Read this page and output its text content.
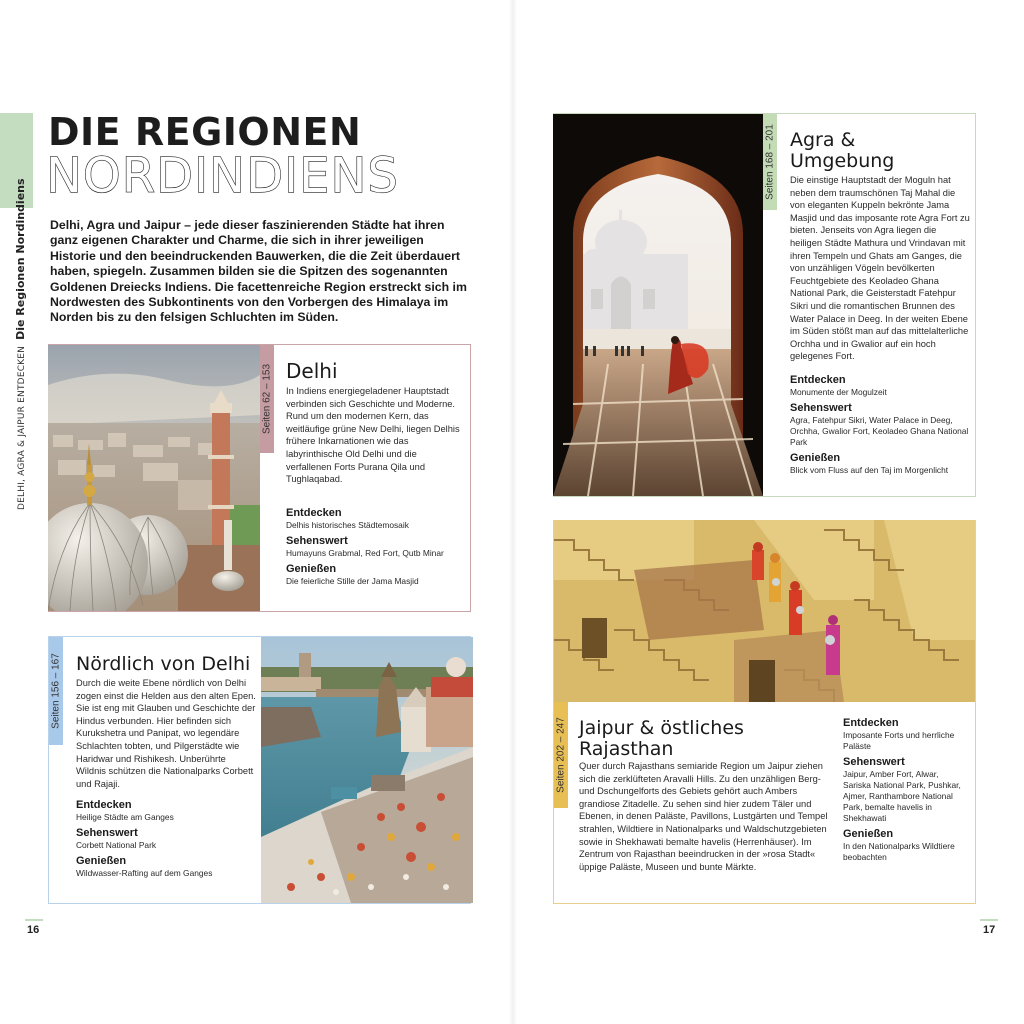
DELHI, AGRA & JAIPUR ENTDECKENDie Regionen Nordindiens
DIE REGIONEN
NORDINDIENS

Delhi, Agra und Jaipur – jede dieser faszinierenden Städte hat ihren ganz eigenen Charakter und Charme, die sich in ihrer jeweiligen Historie und den beeindruckenden Bauwerken, die die Zeit überdauert haben, spiegeln. Zusammen bilden sie die Spitzen des sogenannten Goldenen Dreiecks Indiens. Die facettenreiche Region erstreckt sich im Nordwesten des Subkontinents von den Vorbergen des Himalaya im Norden bis zu den felsigen Schluchten im Süden.

Seiten 62 – 153 Delhi

In Indiens energiegeladener Hauptstadt verbinden sich Geschichte und Moderne. Rund um den modernen Kern, das weitläufige grüne New Delhi, liegen Delhis frühere Inkarnationen wie das labyrinthische Old Delhi und die verfallenen Forts Purana Qila und Tughlaqabad.

Entdecken
Delhis historisches Städtemosaik
Sehenswert
Humayuns Grabmal, Red Fort, Qutb Minar
Genießen
Die feierliche Stille der Jama Masjid
Seiten 156 – 167 Nördlich von Delhi

Durch die weite Ebene nördlich von Delhi zogen einst die Helden aus den alten Epen. Sie ist eng mit Glauben und Geschichte der Hindus verbunden. Hier befinden sich Kurukshetra und Panipat, wo legendäre Schlachten tobten, und Pilgerstädte wie Haridwar und Rishikesh. Unberührte Wildnis schützen die Nationalparks Corbett und Rajaji.

Entdecken
Heilige Städte am Ganges
Sehenswert
Corbett National Park
Genießen
Wildwasser-Rafting auf dem Ganges
16
Seiten 168 – 201 Agra & Umgebung

Die einstige Hauptstadt der Moguln hat neben dem traumschönen Taj Mahal die von eleganten Kuppeln bekrönte Jama Masjid und das imposante rote Agra Fort zu bieten. Jenseits von Agra liegen die heiligen Städte Mathura und Vrindavan mit ihren Tempeln und Ghats am Ganges, die von unzähligen Vögeln bevölkerten Feuchtgebiete des Keoladeo Ghana National Park, die Geisterstadt Fatehpur Sikri und die romantischen Brunnen des Water Palace in Deeg. In der weiten Ebene im Süden stößt man auf das mittelalterliche Orchha und in Gwalior auf ein hoch gelegenes Fort.

Entdecken
Monumente der Mogulzeit
Sehenswert
Agra, Fatehpur Sikri, Water Palace in Deeg, Orchha, Gwalior Fort, Keoladeo Ghana National Park
Genießen
Blick vom Fluss auf den Taj im Morgenlicht
Seiten 202 – 247 Jaipur & östliches Rajasthan

Quer durch Rajasthans semiaride Region um Jaipur ziehen sich die zerklüfteten Aravalli Hills. Zu den unzähligen Berg- und Dschungelforts des Gebiets gehört auch Ambers grandiose Zitadelle. Zu sehen sind hier zudem Täler und Ebenen, in denen Paläste, Pavillons, Lustgärten und Tempel strahlen, Wildtiere in Nationalparks und Waldschutzgebieten sowie in Shekhawati bemalte havelis (Herrenhäuser). Im Zentrum von Rajasthan beeindrucken in der »rosa Stadt« üppige Paläste, Museen und bunte Märkte.

Entdecken
Imposante Forts und herrliche Paläste
Sehenswert
Jaipur, Amber Fort, Alwar, Sariska National Park, Pushkar, Ajmer, Ranthambore National Park, bemalte havelis in Shekhawati
Genießen
In den Nationalparks Wildtiere beobachten
17
